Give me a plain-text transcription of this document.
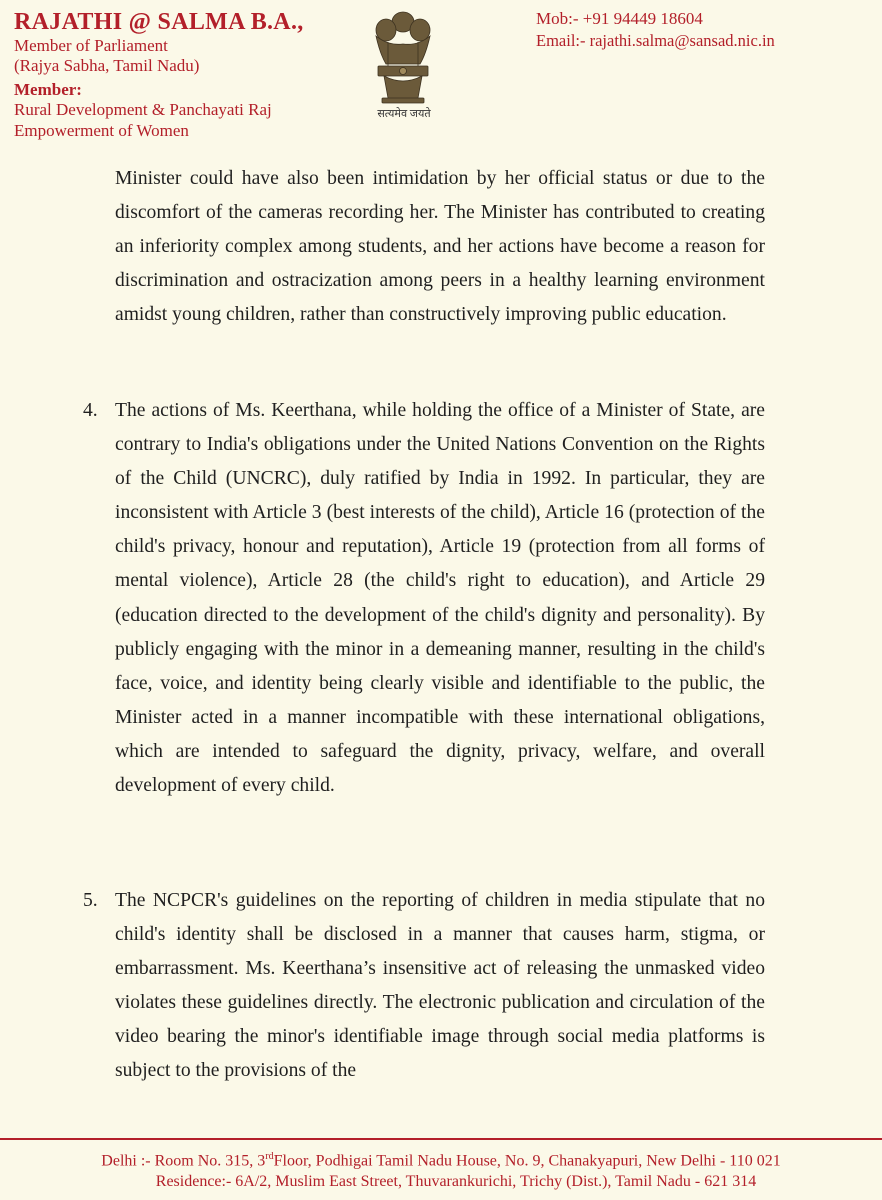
RAJATHI @ SALMA B.A.,
Member of Parliament
(Rajya Sabha, Tamil Nadu)
Member:
Rural Development & Panchayati Raj
Empowerment of Women
सत्यमेव जयते
Mob:- +91 94449 18604
Email:- rajathi.salma@sansad.nic.in
Minister could have also been intimidation by her official status or due to the discomfort of the cameras recording her. The Minister has contributed to creating an inferiority complex among students, and her actions have become a reason for discrimination and ostracization among peers in a healthy learning environment amidst young children, rather than constructively improving public education.
4. The actions of Ms. Keerthana, while holding the office of a Minister of State, are contrary to India's obligations under the United Nations Convention on the Rights of the Child (UNCRC), duly ratified by India in 1992. In particular, they are inconsistent with Article 3 (best interests of the child), Article 16 (protection of the child's privacy, honour and reputation), Article 19 (protection from all forms of mental violence), Article 28 (the child's right to education), and Article 29 (education directed to the development of the child's dignity and personality). By publicly engaging with the minor in a demeaning manner, resulting in the child's face, voice, and identity being clearly visible and identifiable to the public, the Minister acted in a manner incompatible with these international obligations, which are intended to safeguard the dignity, privacy, welfare, and overall development of every child.
5. The NCPCR's guidelines on the reporting of children in media stipulate that no child's identity shall be disclosed in a manner that causes harm, stigma, or embarrassment. Ms. Keerthana’s insensitive act of releasing the unmasked video violates these guidelines directly. The electronic publication and circulation of the video bearing the minor's identifiable image through social media platforms is subject to the provisions of the
Delhi :- Room No. 315, 3rdFloor, Podhigai Tamil Nadu House, No. 9, Chanakyapuri, New Delhi - 110 021
Residence:- 6A/2, Muslim East Street, Thuvarankurichi, Trichy (Dist.), Tamil Nadu - 621 314
